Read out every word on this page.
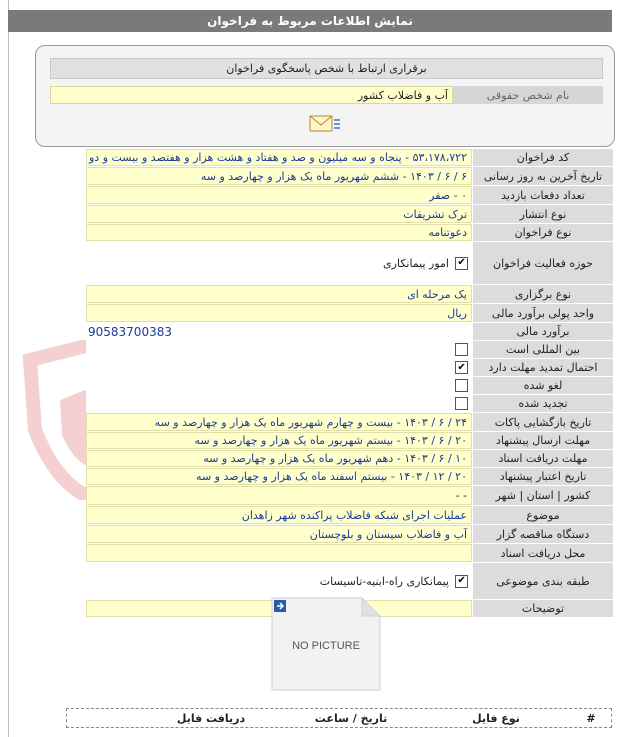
نمایش اطلاعات مربوط به فراخوان
برقراری ارتباط با شخص پاسخگوی فراخوان
نام شخص حقوقی
آب و فاضلاب کشور
کد فراخوان
۵۳،۱۷۸،۷۲۲ - پنجاه و سه میلیون و صد و هفتاد و هشت هزار و هفتصد و بیست و دو
تاریخ آخرین به روز رسانی
۶ / ۶ / ۱۴۰۳ - ششم شهریور ماه یک هزار و چهارصد و سه
تعداد دفعات بازدید
۰ - صفر
نوع انتشار
ترک تشریفات
نوع فراخوان
دعوتنامه
حوزه فعالیت فراخوان
✔
امور پیمانکاری
نوع برگزاری
یک مرحله ای
واحد پولی برآورد مالی
ریال
برآورد مالی
90583700383
بین المللی است
احتمال تمدید مهلت دارد
✔
لغو شده
تجدید شده
تاریخ بازگشایی پاکات
۲۴ / ۶ / ۱۴۰۳ - بیست و چهارم شهریور ماه یک هزار و چهارصد و سه
مهلت ارسال پیشنهاد
۲۰ / ۶ / ۱۴۰۳ - بیستم شهریور ماه یک هزار و چهارصد و سه
مهلت دریافت اسناد
۱۰ / ۶ / ۱۴۰۳ - دهم شهریور ماه یک هزار و چهارصد و سه
تاریخ اعتبار پیشنهاد
۲۰ / ۱۲ / ۱۴۰۳ - بیستم اسفند ماه یک هزار و چهارصد و سه
کشور | استان | شهر
- -
موضوع
عملیات اجرای شبکه فاضلاب پراکنده شهر زاهدان
دستگاه مناقصه گزار
آب و فاضلاب سیستان و بلوچستان
محل دریافت اسناد
طبقه بندی موضوعی
✔
پیمانکاری راه-ابنیه-تاسیسات
توضیحات
NO PICTURE
#
نوع فایل
تاریخ / ساعت
دریافت فایل
